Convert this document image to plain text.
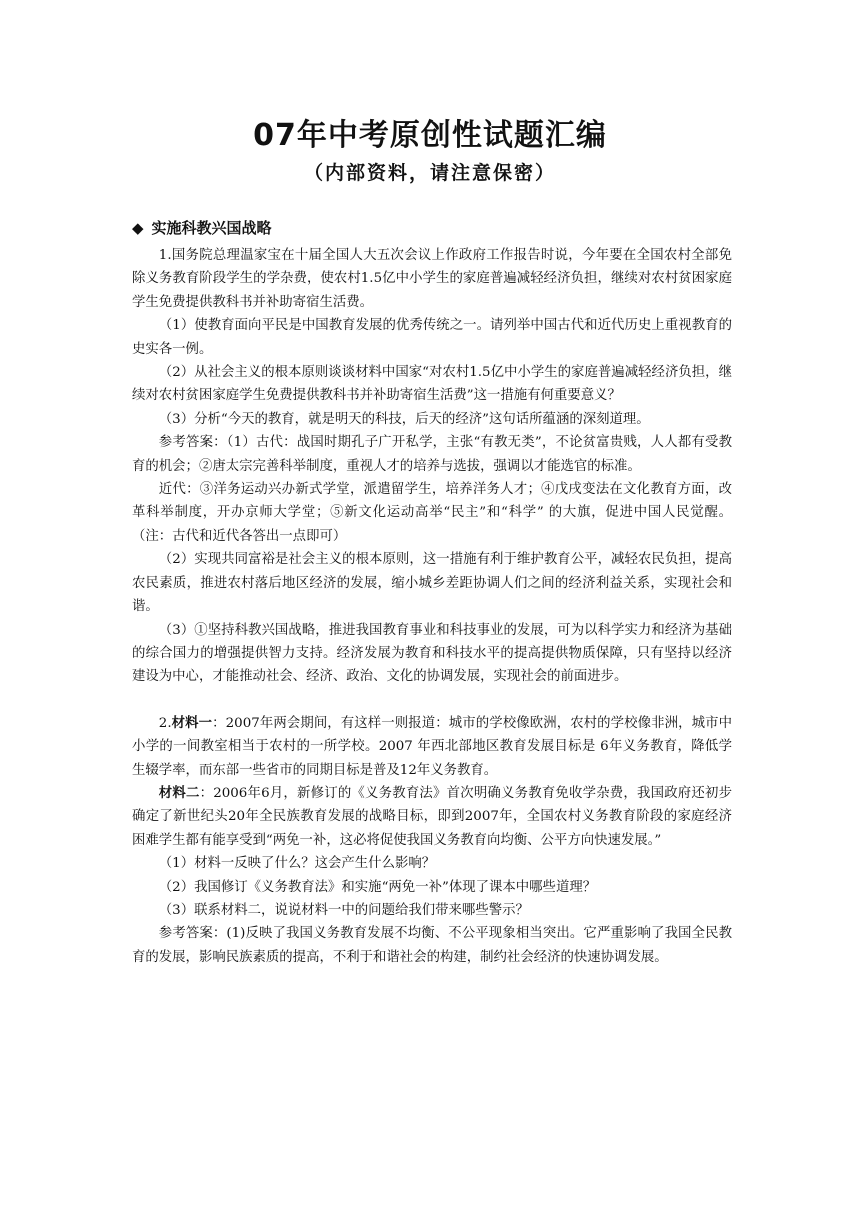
07年中考原创性试题汇编
（内部资料，请注意保密）
◆ 实施科教兴国战略

1.国务院总理温家宝在十届全国人大五次会议上作政府工作报告时说，今年要在全国农村全部免除义务教育阶段学生的学杂费，使农村1.5亿中小学生的家庭普遍减轻经济负担，继续对农村贫困家庭学生免费提供教科书并补助寄宿生活费。

（1）使教育面向平民是中国教育发展的优秀传统之一。请列举中国古代和近代历史上重视教育的史实各一例。

（2）从社会主义的根本原则谈谈材料中国家“对农村1.5亿中小学生的家庭普遍减轻经济负担，继续对农村贫困家庭学生免费提供教科书并补助寄宿生活费”这一措施有何重要意义？

（3）分析“今天的教育，就是明天的科技，后天的经济”这句话所蕴涵的深刻道理。

参考答案：（1）古代：战国时期孔子广开私学，主张“有教无类”，不论贫富贵贱，人人都有受教育的机会；②唐太宗完善科举制度，重视人才的培养与选拔，强调以才能选官的标准。

近代：③洋务运动兴办新式学堂，派遣留学生，培养洋务人才；④戊戌变法在文化教育方面，改革科举制度，开办京师大学堂；⑤新文化运动高举“民主”和“科学” 的大旗，促进中国人民觉醒。（注：古代和近代各答出一点即可）

（2）实现共同富裕是社会主义的根本原则，这一措施有利于维护教育公平，减轻农民负担，提高农民素质，推进农村落后地区经济的发展，缩小城乡差距协调人们之间的经济利益关系，实现社会和谐。

（3）①坚持科教兴国战略，推进我国教育事业和科技事业的发展，可为以科学实力和经济为基础的综合国力的增强提供智力支持。经济发展为教育和科技水平的提高提供物质保障，只有坚持以经济建设为中心，才能推动社会、经济、政治、文化的协调发展，实现社会的前面进步。

2.材料一：2007年两会期间，有这样一则报道：城市的学校像欧洲，农村的学校像非洲，城市中小学的一间教室相当于农村的一所学校。2007 年西北部地区教育发展目标是 6年义务教育，降低学生辍学率，而东部一些省市的同期目标是普及12年义务教育。

材料二：2006年6月，新修订的《义务教育法》首次明确义务教育免收学杂费，我国政府还初步确定了新世纪头20年全民族教育发展的战略目标，即到2007年，全国农村义务教育阶段的家庭经济困难学生都有能享受到“两免一补，这必将促使我国义务教育向均衡、公平方向快速发展。”

（1）材料一反映了什么？这会产生什么影响？

（2）我国修订《义务教育法》和实施“两免一补”体现了课本中哪些道理？

（3）联系材料二，说说材料一中的问题给我们带来哪些警示？

参考答案：(1)反映了我国义务教育发展不均衡、不公平现象相当突出。它严重影响了我国全民教育的发展，影响民族素质的提高，不利于和谐社会的构建，制约社会经济的快速协调发展。
